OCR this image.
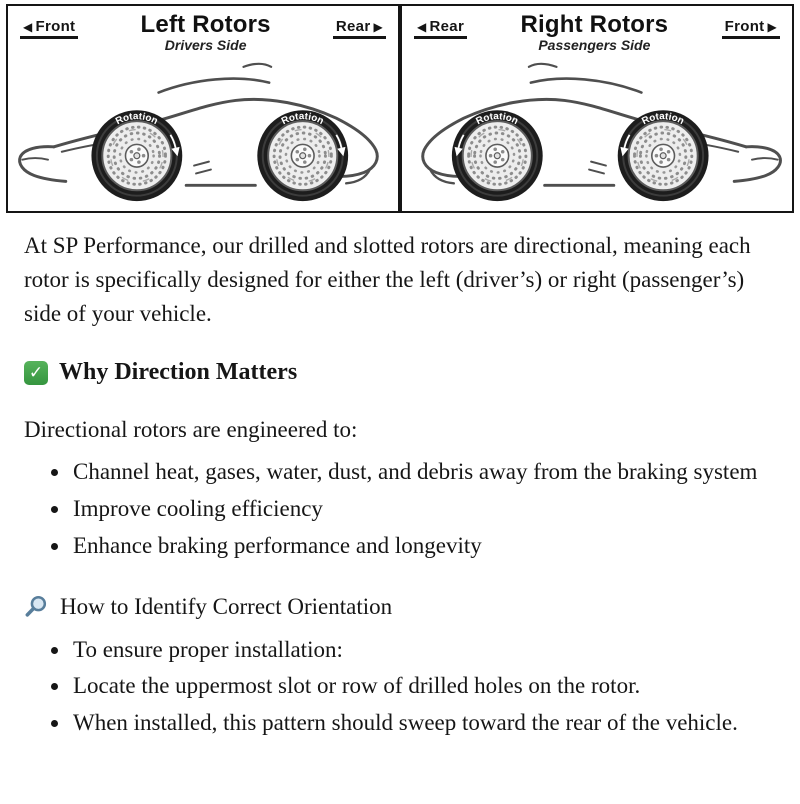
◀ Front	Left Rotors
Drivers Side
Rear ▶	◀ Rear	Right Rotors
Passengers Side
Front ▶

At SP Performance, our drilled and slotted rotors are directional, meaning each rotor is specifically designed for either the left (driver’s) or right (passenger’s) side of your vehicle.

✓ Why Direction Matters

Directional rotors are engineered to:

• Channel heat, gases, water, dust, and debris away from the braking system
• Improve cooling efficiency
• Enhance braking performance and longevity
How to Identify Correct Orientation
• To ensure proper installation:
• Locate the uppermost slot or row of drilled holes on the rotor.
• When installed, this pattern should sweep toward the rear of the vehicle.
